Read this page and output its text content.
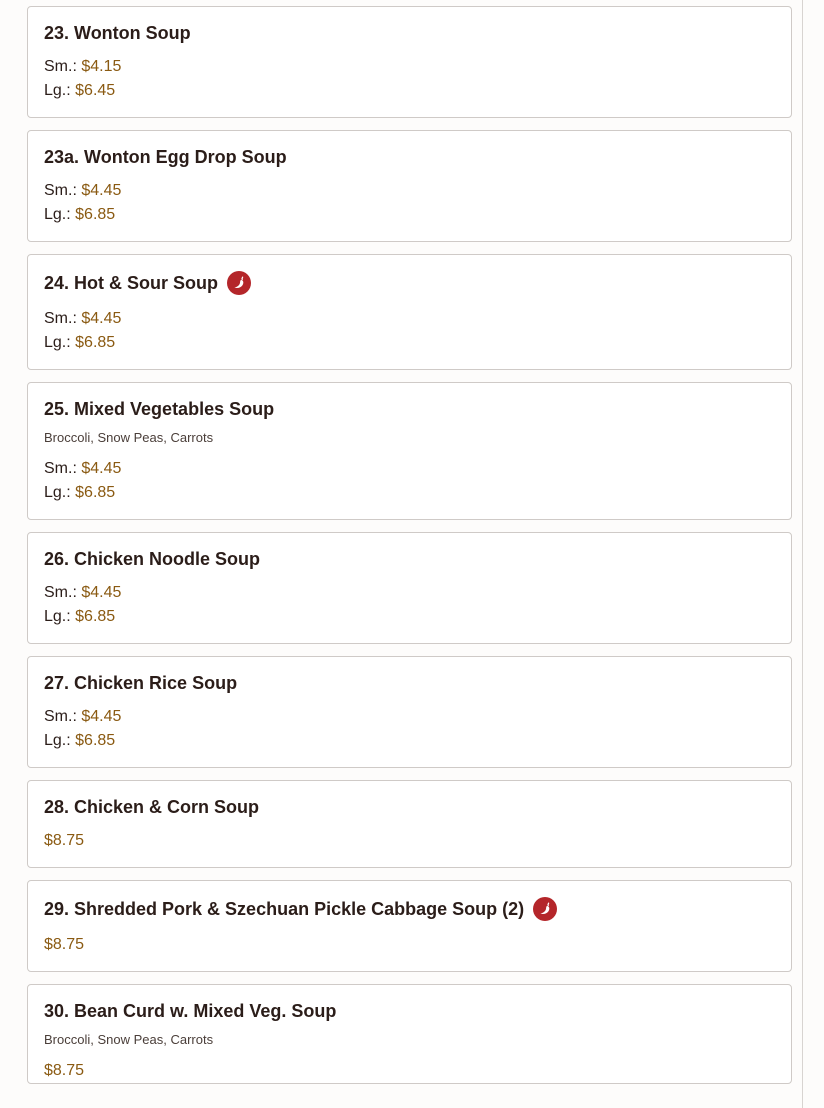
23. Wonton Soup
Sm.: $4.15
Lg.: $6.45
23a. Wonton Egg Drop Soup
Sm.: $4.45
Lg.: $6.85
24. Hot & Sour Soup
Sm.: $4.45
Lg.: $6.85
25. Mixed Vegetables Soup
Broccoli, Snow Peas, Carrots
Sm.: $4.45
Lg.: $6.85
26. Chicken Noodle Soup
Sm.: $4.45
Lg.: $6.85
27. Chicken Rice Soup
Sm.: $4.45
Lg.: $6.85
28. Chicken & Corn Soup
$8.75
29. Shredded Pork & Szechuan Pickle Cabbage Soup (2)
$8.75
30. Bean Curd w. Mixed Veg. Soup
Broccoli, Snow Peas, Carrots
$8.75
